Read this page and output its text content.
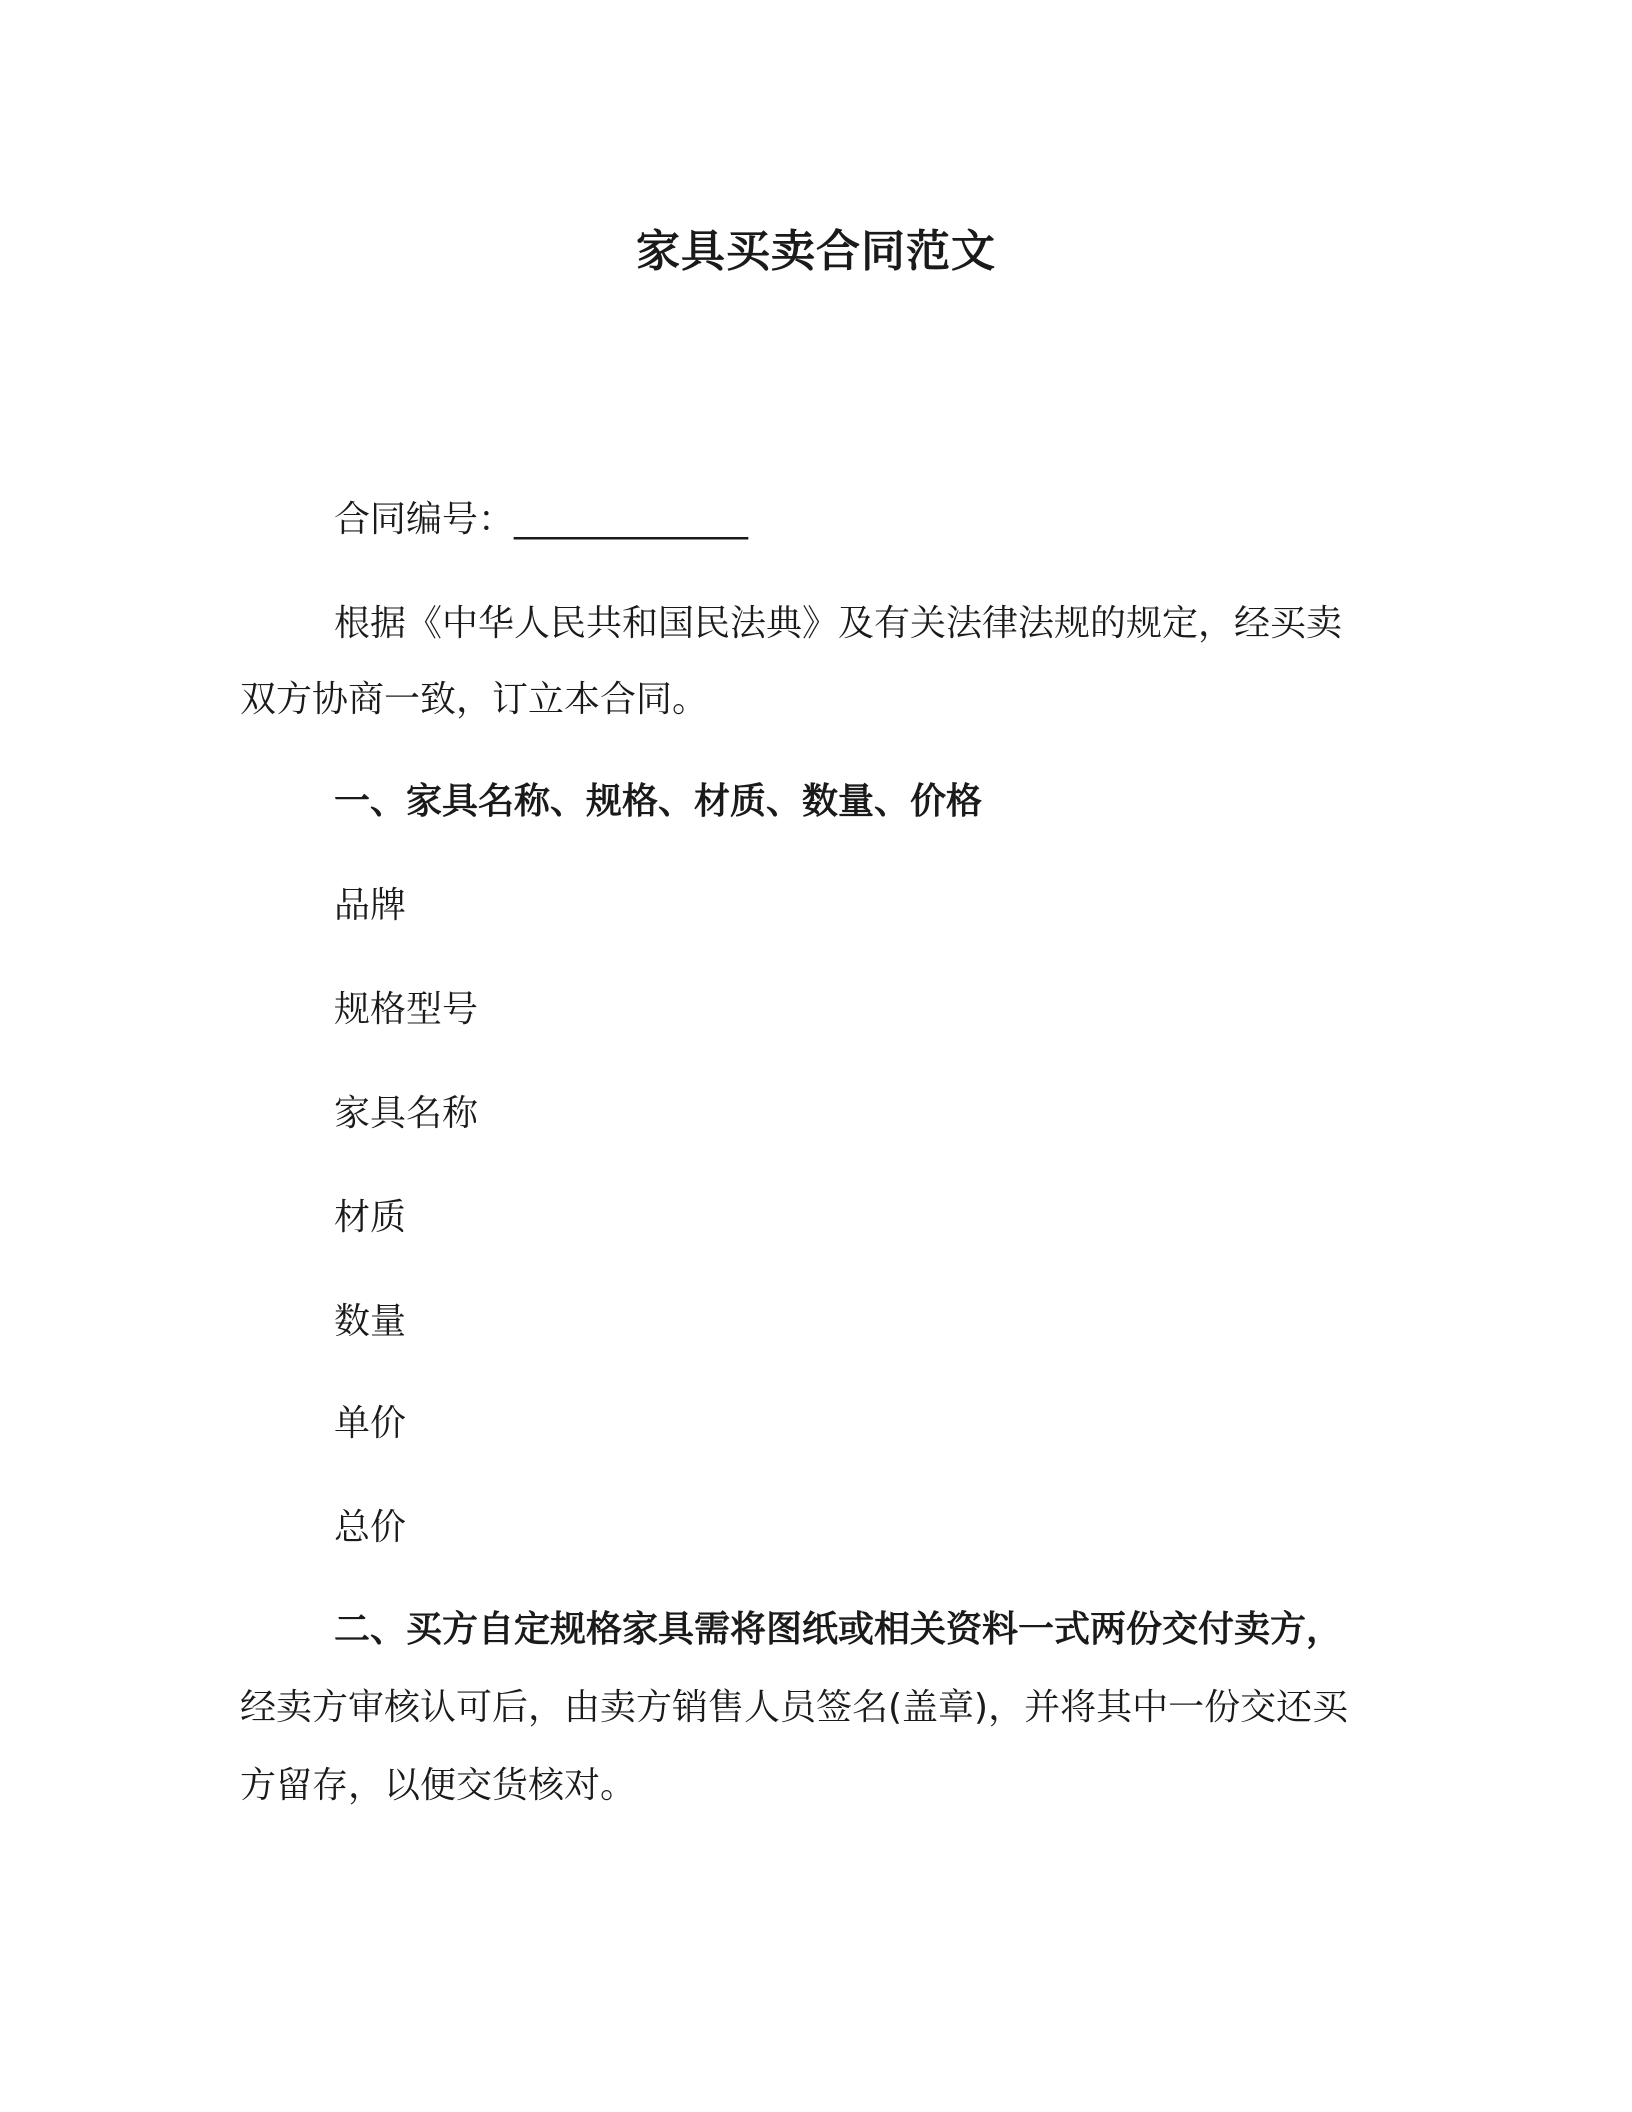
家具买卖合同范文
合同编号：_____________
根据《中华人民共和国民法典》及有关法律法规的规定，经买卖
双方协商一致，订立本合同。
一、家具名称、规格、材质、数量、价格
品牌
规格型号
家具名称
材质
数量
单价
总价
二、买方自定规格家具需将图纸或相关资料一式两份交付卖方，
经卖方审核认可后，由卖方销售人员签名(盖章)，并将其中一份交还买
方留存，以便交货核对。
